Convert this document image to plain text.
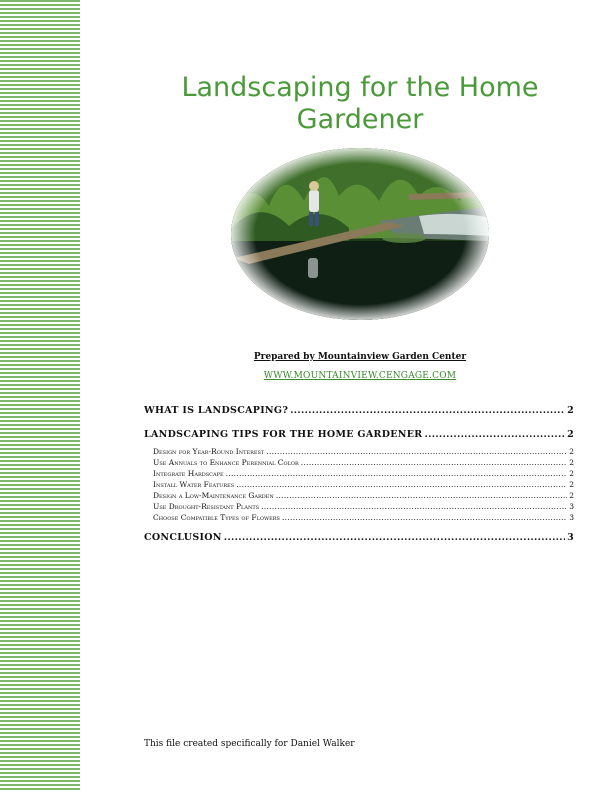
Landscaping for the Home Gardener
Prepared by Mountainview Garden Center
WWW.MOUNTAINVIEW.CENGAGE.COM
WHAT IS LANDSCAPING? .....	2
LANDSCAPING TIPS FOR THE HOME GARDENER .....	2
Design for Year-Round Interest .....	2
Use Annuals to Enhance Perennial Color .....	2
Integrate Hardscape .....	2
Install Water Features .....	2
Design a Low-Maintenance Garden .....	2
Use Drought-Resistant Plants .....	3
Choose Compatible Types of Flowers .....	3
CONCLUSION .....	3
This file created specifically for Daniel Walker
